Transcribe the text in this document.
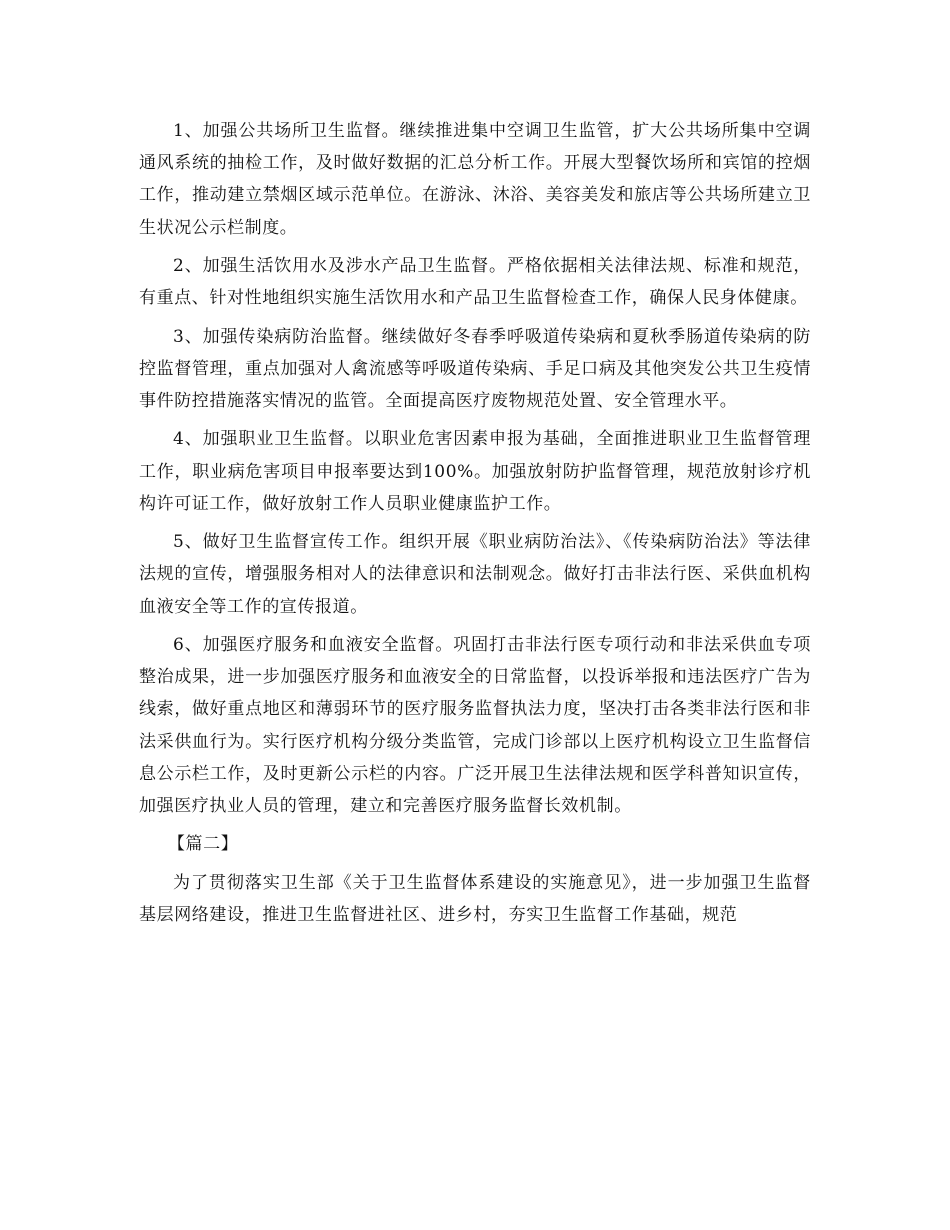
1、加强公共场所卫生监督。继续推进集中空调卫生监管，扩大公共场所集中空调通风系统的抽检工作，及时做好数据的汇总分析工作。开展大型餐饮场所和宾馆的控烟工作，推动建立禁烟区域示范单位。在游泳、沐浴、美容美发和旅店等公共场所建立卫生状况公示栏制度。

2、加强生活饮用水及涉水产品卫生监督。严格依据相关法律法规、标准和规范，有重点、针对性地组织实施生活饮用水和产品卫生监督检查工作，确保人民身体健康。

3、加强传染病防治监督。继续做好冬春季呼吸道传染病和夏秋季肠道传染病的防控监督管理，重点加强对人禽流感等呼吸道传染病、手足口病及其他突发公共卫生疫情事件防控措施落实情况的监管。全面提高医疗废物规范处置、安全管理水平。

4、加强职业卫生监督。以职业危害因素申报为基础，全面推进职业卫生监督管理工作，职业病危害项目申报率要达到100%。加强放射防护监督管理，规范放射诊疗机构许可证工作，做好放射工作人员职业健康监护工作。

5、做好卫生监督宣传工作。组织开展《职业病防治法》、《传染病防治法》等法律法规的宣传，增强服务相对人的法律意识和法制观念。做好打击非法行医、采供血机构血液安全等工作的宣传报道。

6、加强医疗服务和血液安全监督。巩固打击非法行医专项行动和非法采供血专项整治成果，进一步加强医疗服务和血液安全的日常监督，以投诉举报和违法医疗广告为线索，做好重点地区和薄弱环节的医疗服务监督执法力度，坚决打击各类非法行医和非法采供血行为。实行医疗机构分级分类监管，完成门诊部以上医疗机构设立卫生监督信息公示栏工作，及时更新公示栏的内容。广泛开展卫生法律法规和医学科普知识宣传，加强医疗执业人员的管理，建立和完善医疗服务监督长效机制。

【篇二】

为了贯彻落实卫生部《关于卫生监督体系建设的实施意见》，进一步加强卫生监督基层网络建设，推进卫生监督进社区、进乡村，夯实卫生监督工作基础，规范
